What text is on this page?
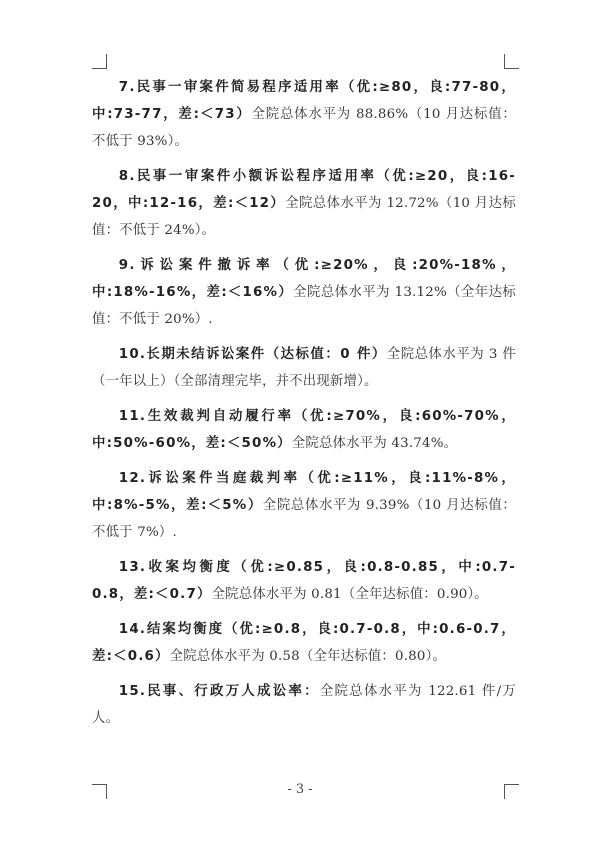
7.民事一审案件简易程序适用率（优:≥80，良:77-80，中:73-77，差:＜73）全院总体水平为 88.86%（10 月达标值：不低于 93%）。

8.民事一审案件小额诉讼程序适用率（优:≥20，良:16-20，中:12-16，差:＜12）全院总体水平为 12.72%（10 月达标值：不低于 24%）。

9.诉讼案件撤诉率（优:≥20%，良:20%-18%，中:18%-16%，差:＜16%）全院总体水平为 13.12%（全年达标值：不低于 20%）.

10.长期未结诉讼案件（达标值：0 件）全院总体水平为 3 件（一年以上）（全部清理完毕，并不出现新增）。

11.生效裁判自动履行率（优:≥70%，良:60%-70%，中:50%-60%，差:＜50%）全院总体水平为 43.74%。

12.诉讼案件当庭裁判率（优:≥11%，良:11%-8%，中:8%-5%，差:＜5%）全院总体水平为 9.39%（10 月达标值：不低于 7%）.

13.收案均衡度（优:≥0.85，良:0.8-0.85，中:0.7-0.8，差:＜0.7）全院总体水平为 0.81（全年达标值：0.90）。

14.结案均衡度（优:≥0.8，良:0.7-0.8，中:0.6-0.7，差:＜0.6）全院总体水平为 0.58（全年达标值：0.80）。

15.民事、行政万人成讼率：全院总体水平为 122.61 件/万人。

- 3 -
